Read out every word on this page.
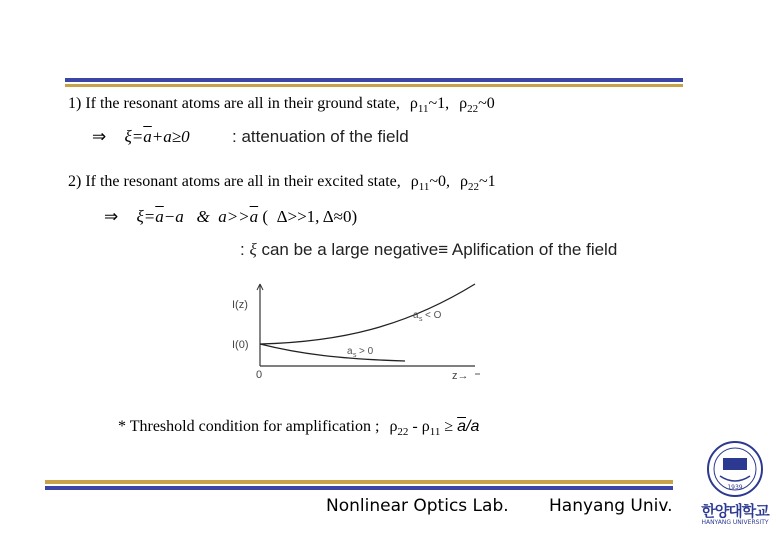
1) If the resonant atoms are all in their ground state, $\rho_{11}\sim 1$, $\rho_{22}\sim 0$
⇒ $\xi=\overline{a}+a\ge 0$ : attenuation of the field
2) If the resonant atoms are all in their excited state, $\rho_{11}\sim 0$, $\rho_{22}\sim 1$
⇒ $\xi=\overline{a}-a$   &  $a>>\overline{a}$ (  Δ>>1, Δ≈0)
: ξ can be a large negative≡ Aplification of the field
I(z)
I(0)
0	z→
a s < O
a s > 0
* Threshold condition for amplification ; $\rho_{22} - \rho_{11} \ge \overline{a}/a$
Nonlinear Optics Lab. Hanyang Univ.
1939
한양대학교
HANYANG UNIVERSITY
